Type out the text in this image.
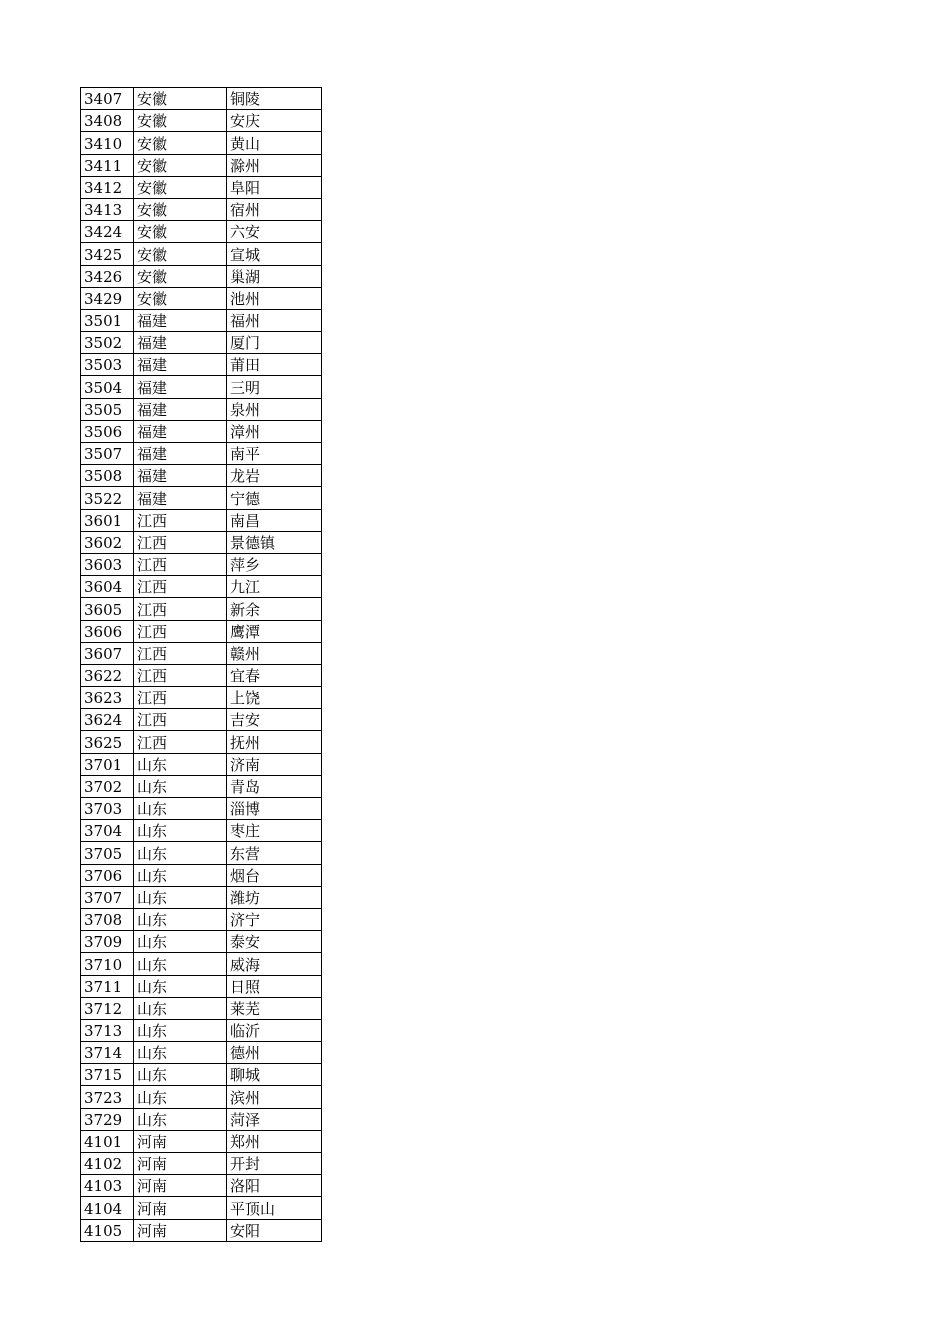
3407	安徽	铜陵
3408	安徽	安庆
3410	安徽	黄山
3411	安徽	滁州
3412	安徽	阜阳
3413	安徽	宿州
3424	安徽	六安
3425	安徽	宣城
3426	安徽	巢湖
3429	安徽	池州
3501	福建	福州
3502	福建	厦门
3503	福建	莆田
3504	福建	三明
3505	福建	泉州
3506	福建	漳州
3507	福建	南平
3508	福建	龙岩
3522	福建	宁德
3601	江西	南昌
3602	江西	景德镇
3603	江西	萍乡
3604	江西	九江
3605	江西	新余
3606	江西	鹰潭
3607	江西	赣州
3622	江西	宜春
3623	江西	上饶
3624	江西	吉安
3625	江西	抚州
3701	山东	济南
3702	山东	青岛
3703	山东	淄博
3704	山东	枣庄
3705	山东	东营
3706	山东	烟台
3707	山东	潍坊
3708	山东	济宁
3709	山东	泰安
3710	山东	威海
3711	山东	日照
3712	山东	莱芜
3713	山东	临沂
3714	山东	德州
3715	山东	聊城
3723	山东	滨州
3729	山东	菏泽
4101	河南	郑州
4102	河南	开封
4103	河南	洛阳
4104	河南	平顶山
4105	河南	安阳
